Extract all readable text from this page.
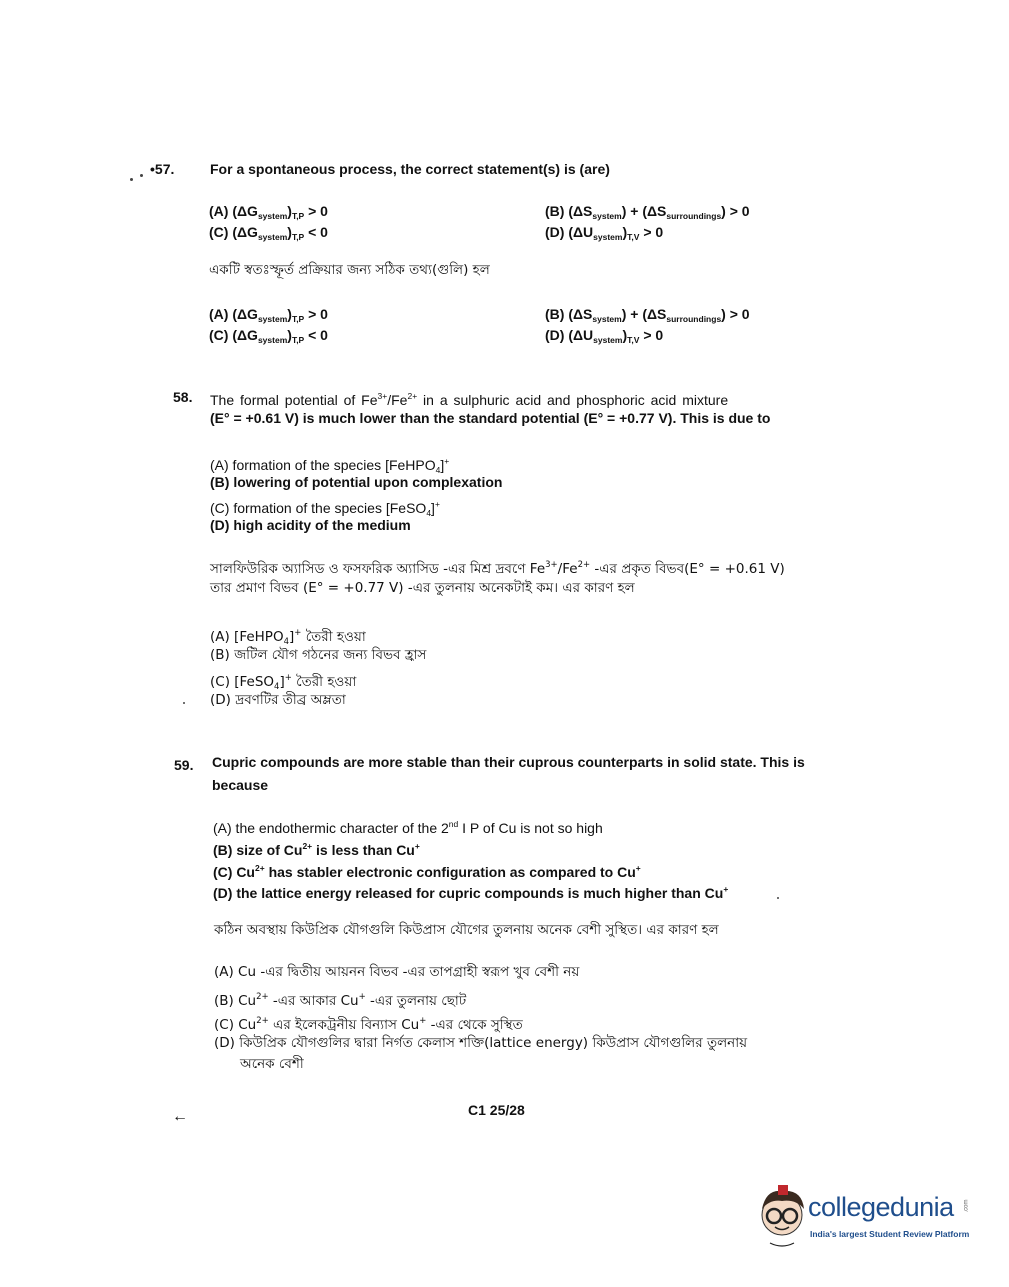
•57.	For a spontaneous process, the correct statement(s) is (are)
(A) $(\Delta G_{system})_{T,P} > 0$	(B) $(\Delta S_{system}) + (\Delta S_{surroundings}) > 0$
(C) $(\Delta G_{system})_{T,P} < 0$	(D) $(\Delta U_{system})_{T,V} > 0$
একটি স্বতঃস্ফূর্ত প্রক্রিয়ার জন্য সঠিক তথ্য(গুলি) হল
(A) $(\Delta G_{system})_{T,P} > 0$	(B) $(\Delta S_{system}) + (\Delta S_{surroundings}) > 0$
(C) $(\Delta G_{system})_{T,P} < 0$	(D) $(\Delta U_{system})_{T,V} > 0$
58. The formal potential of $Fe^{3+}/Fe^{2+}$ in a sulphuric acid and phosphoric acid mixture
(E° = +0.61 V) is much lower than the standard potential (E° = +0.77 V). This is due to
(A) formation of the species [FeHPO$_4$]+
(B) lowering of potential upon complexation
(C) formation of the species [FeSO$_4$]+
(D) high acidity of the medium
সালফিউরিক অ্যাসিড ও ফসফরিক অ্যাসিড -এর মিশ্র দ্রবণে $Fe^{3+}/Fe^{2+}$ -এর প্রকৃত বিভব(E° = +0.61 V)
তার প্রমাণ বিভব (E° = +0.77 V) -এর তুলনায় অনেকটাই কম। এর কারণ হল
(A) [FeHPO$_4$]+ তৈরী হওয়া
(B) জটিল যৌগ গঠনের জন্য বিভব হ্রাস
(C) [FeSO$_4$]+ তৈরী হওয়া
(D) দ্রবণটির তীব্র অম্লতা
59. Cupric compounds are more stable than their cuprous counterparts in solid state. This is
because
(A) the endothermic character of the 2nd I P of Cu is not so high
(B) size of $Cu^{2+}$ is less than Cu+
(C) $Cu^{2+}$ has stabler electronic configuration as compared to Cu+
(D) the lattice energy released for cupric compounds is much higher than Cu+
কঠিন অবস্থায় কিউপ্রিক যৌগগুলি কিউপ্রাস যৌগের তুলনায় অনেক বেশী সুস্থিত। এর কারণ হল
(A) Cu -এর দ্বিতীয় আয়নন বিভব -এর তাপগ্রাহী স্বরূপ খুব বেশী নয়
(B) $Cu^{2+}$ -এর আকার Cu+ -এর তুলনায় ছোট
(C) $Cu^{2+}$ এর ইলেকট্রনীয় বিন্যাস Cu+ -এর থেকে সুস্থিত
(D) কিউপ্রিক যৌগগুলির দ্বারা নির্গত কেলাস শক্তি(lattice energy) কিউপ্রাস যৌগগুলির তুলনায়
অনেক বেশী
←	C1 25/28
collegedunia .com
India's largest Student Review Platform
